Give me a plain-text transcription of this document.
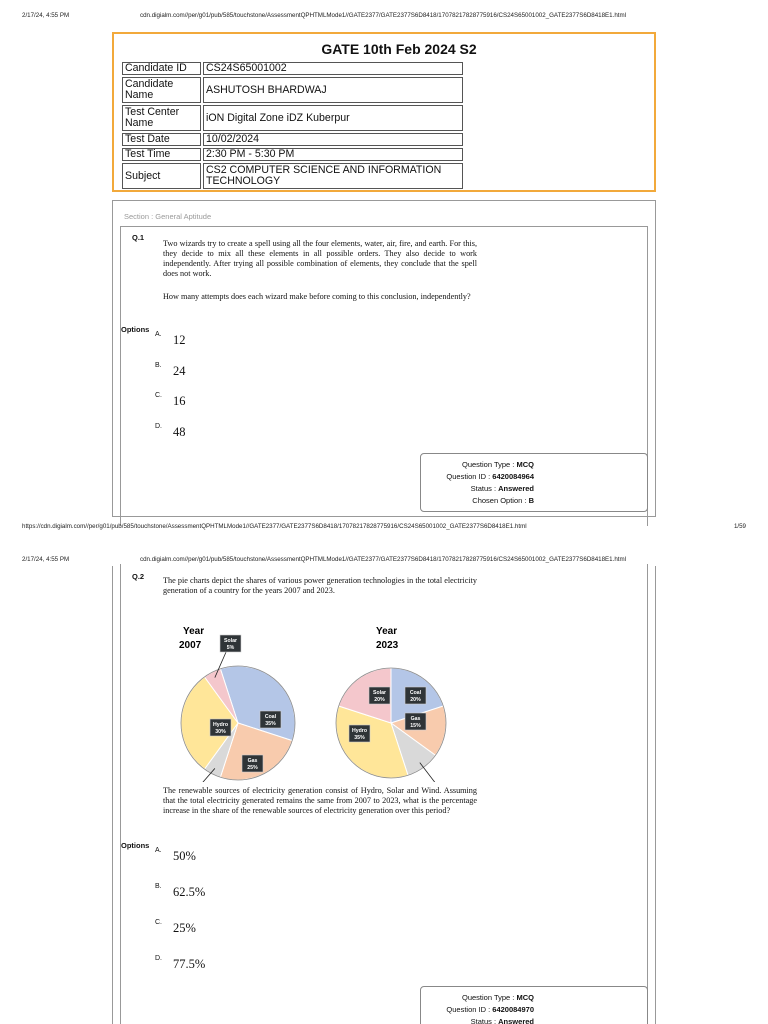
2/17/24, 4:55 PM	cdn.digialm.com//per/g01/pub/585/touchstone/AssessmentQPHTMLMode1//GATE2377/GATE2377S6D8418/17078217828775916/CS24S65001002_GATE2377S6D8418E1.html
GATE 10th Feb 2024 S2
Candidate ID	CS24S65001002
Candidate Name	ASHUTOSH BHARDWAJ
Test Center Name	iON Digital Zone iDZ Kuberpur
Test Date	10/02/2024
Test Time	2:30 PM - 5:30 PM
Subject	CS2 COMPUTER SCIENCE AND INFORMATION TECHNOLOGY
Section : General Aptitude
Q.1
Two wizards try to create a spell using all the four elements, water, air, fire, and earth. For this, they decide to mix all these elements in all possible orders. They also decide to work independently. After trying all possible combination of elements, they conclude that the spell does not work.
How many attempts does each wizard make before coming to this conclusion, independently?
Options
A. 12
B. 24
C. 16
D. 48
Question Type : MCQ
Question ID : 6420084964
Status : Answered
Chosen Option : B
https://cdn.digialm.com//per/g01/pub/585/touchstone/AssessmentQPHTMLMode1//GATE2377/GATE2377S6D8418/17078217828775916/CS24S65001002_GATE2377S6D8418E1.html	1/59
2/17/24, 4:55 PM	cdn.digialm.com//per/g01/pub/585/touchstone/AssessmentQPHTMLMode1//GATE2377/GATE2377S6D8418/17078217828775916/CS24S65001002_GATE2377S6D8418E1.html
Q.2 The pie charts depict the shares of various power generation technologies in the total electricity generation of a country for the years 2007 and 2023.
Year
2007
Coal
35%
Gas
25%
Hydro
30%
Solar
5%
Year
2023
Coal
20%
Gas
15%
Hydro
35%
Solar
20%
The renewable sources of electricity generation consist of Hydro, Solar and Wind. Assuming that the total electricity generated remains the same from 2007 to 2023, what is the percentage increase in the share of the renewable sources of electricity generation over this period?
Options
A. 50%
B. 62.5%
C. 25%
D. 77.5%
Question Type : MCQ
Question ID : 6420084970
Status : Answered
